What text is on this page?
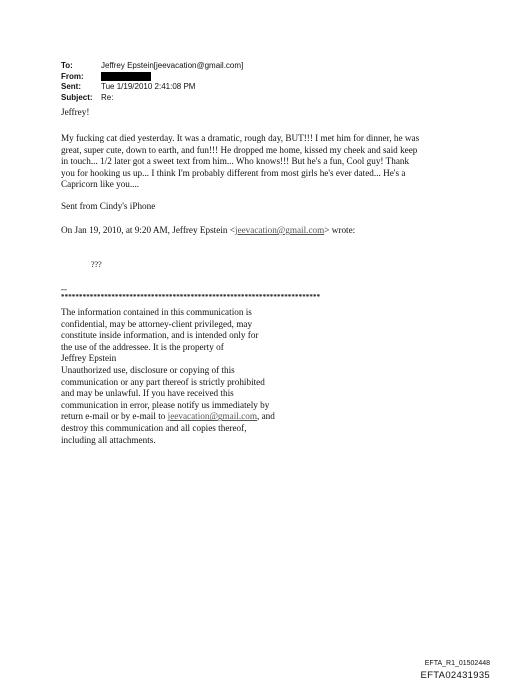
To:	Jeffrey Epstein[jeevacation@gmail.com]
From:
Sent:	Tue 1/19/2010 2:41:08 PM
Subject:	Re:
Jeffrey!
My fucking cat died yesterday. It was a dramatic, rough day, BUT!!! I met him for dinner, he was
great, super cute, down to earth, and fun!!! He dropped me home, kissed my cheek and said keep
in touch... 1/2 later got a sweet text from him... Who knows!!! But he's a fun, Cool guy! Thank
you for hooking us up... I think I'm probably different from most girls he's ever dated... He's a
Capricorn like you....
Sent from Cindy's iPhone
On Jan 19, 2010, at 9:20 AM, Jeffrey Epstein <jeevacation@gmail.com> wrote:
???
--
************************************************************************
The information contained in this communication is
confidential, may be attorney-client privileged, may
constitute inside information, and is intended only for
the use of the addressee. It is the property of
Jeffrey Epstein
Unauthorized use, disclosure or copying of this
communication or any part thereof is strictly prohibited
and may be unlawful. If you have received this
communication in error, please notify us immediately by
return e-mail or by e-mail to jeevacation@gmail.com, and
destroy this communication and all copies thereof,
including all attachments.
EFTA_R1_01502448
EFTA02431935
